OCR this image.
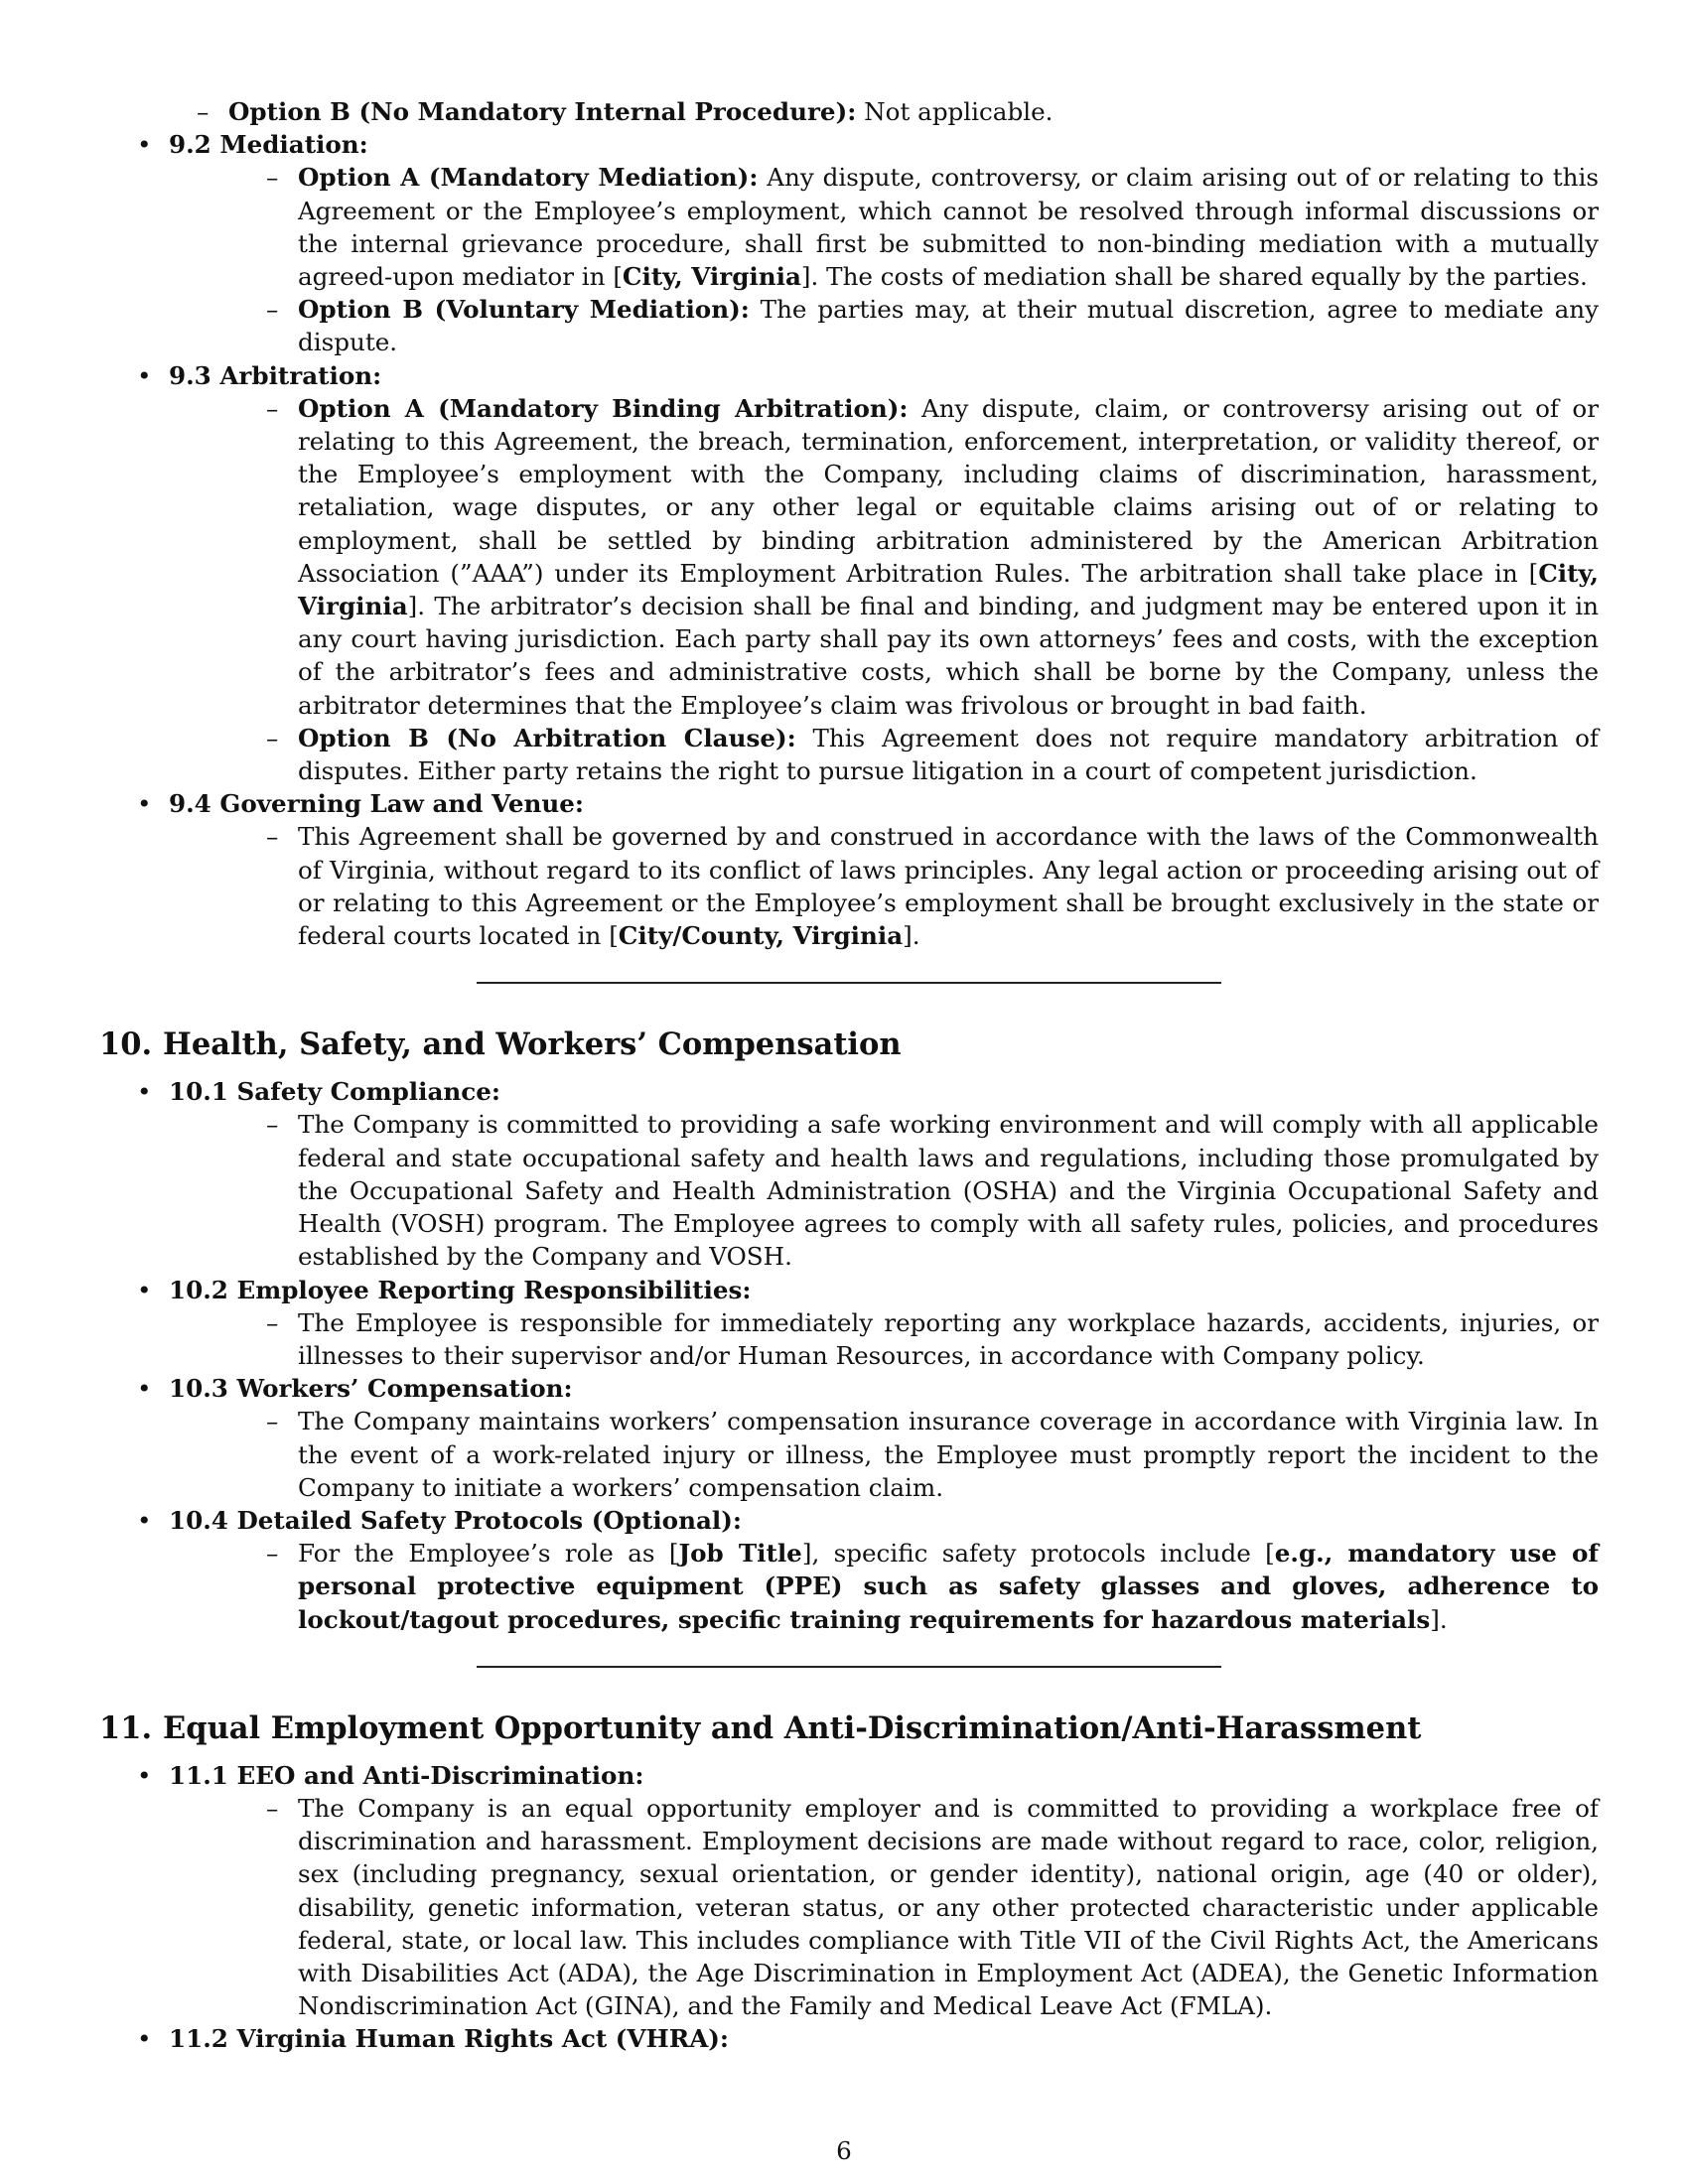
– Option B (No Mandatory Internal Procedure): Not applicable.
• 9.2 Mediation:
– Option A (Mandatory Mediation): Any dispute, controversy, or claim arising out of or relating to this Agreement or the Employee’s employment, which cannot be resolved through informal discussions or the internal grievance procedure, shall first be submitted to non-binding mediation with a mutually agreed-upon mediator in [City, Virginia]. The costs of mediation shall be shared equally by the parties.
– Option B (Voluntary Mediation): The parties may, at their mutual discretion, agree to mediate any dispute.
• 9.3 Arbitration:
– Option A (Mandatory Binding Arbitration): Any dispute, claim, or controversy arising out of or relating to this Agreement, the breach, termination, enforcement, interpretation, or validity thereof, or the Employee’s employment with the Company, including claims of discrimination, harassment, retaliation, wage disputes, or any other legal or equitable claims arising out of or relating to employment, shall be settled by binding arbitration administered by the American Arbitration Association (”AAA”) under its Employment Arbitration Rules. The arbitration shall take place in [City, Virginia]. The arbitrator’s decision shall be final and binding, and judgment may be entered upon it in any court having jurisdiction. Each party shall pay its own attorneys’ fees and costs, with the exception of the arbitrator’s fees and administrative costs, which shall be borne by the Company, unless the arbitrator determines that the Employee’s claim was frivolous or brought in bad faith.
– Option B (No Arbitration Clause): This Agreement does not require mandatory arbitration of disputes. Either party retains the right to pursue litigation in a court of competent jurisdiction.
• 9.4 Governing Law and Venue:
– This Agreement shall be governed by and construed in accordance with the laws of the Commonwealth of Virginia, without regard to its conflict of laws principles. Any legal action or proceeding arising out of or relating to this Agreement or the Employee’s employment shall be brought exclusively in the state or federal courts located in [City/County, Virginia].
10. Health, Safety, and Workers’ Compensation
• 10.1 Safety Compliance:
– The Company is committed to providing a safe working environment and will comply with all applicable federal and state occupational safety and health laws and regulations, including those promulgated by the Occupational Safety and Health Administration (OSHA) and the Virginia Occupational Safety and Health (VOSH) program. The Employee agrees to comply with all safety rules, policies, and procedures established by the Company and VOSH.
• 10.2 Employee Reporting Responsibilities:
– The Employee is responsible for immediately reporting any workplace hazards, accidents, injuries, or illnesses to their supervisor and/or Human Resources, in accordance with Company policy.
• 10.3 Workers’ Compensation:
– The Company maintains workers’ compensation insurance coverage in accordance with Virginia law. In the event of a work-related injury or illness, the Employee must promptly report the incident to the Company to initiate a workers’ compensation claim.
• 10.4 Detailed Safety Protocols (Optional):
– For the Employee’s role as [Job Title], specific safety protocols include [e.g., mandatory use of personal protective equipment (PPE) such as safety glasses and gloves, adherence to lockout/tagout procedures, specific training requirements for hazardous materials].
11. Equal Employment Opportunity and Anti-Discrimination/Anti-Harassment
• 11.1 EEO and Anti-Discrimination:
– The Company is an equal opportunity employer and is committed to providing a workplace free of discrimination and harassment. Employment decisions are made without regard to race, color, religion, sex (including pregnancy, sexual orientation, or gender identity), national origin, age (40 or older), disability, genetic information, veteran status, or any other protected characteristic under applicable federal, state, or local law. This includes compliance with Title VII of the Civil Rights Act, the Americans with Disabilities Act (ADA), the Age Discrimination in Employment Act (ADEA), the Genetic Information Nondiscrimination Act (GINA), and the Family and Medical Leave Act (FMLA).
• 11.2 Virginia Human Rights Act (VHRA):
6
